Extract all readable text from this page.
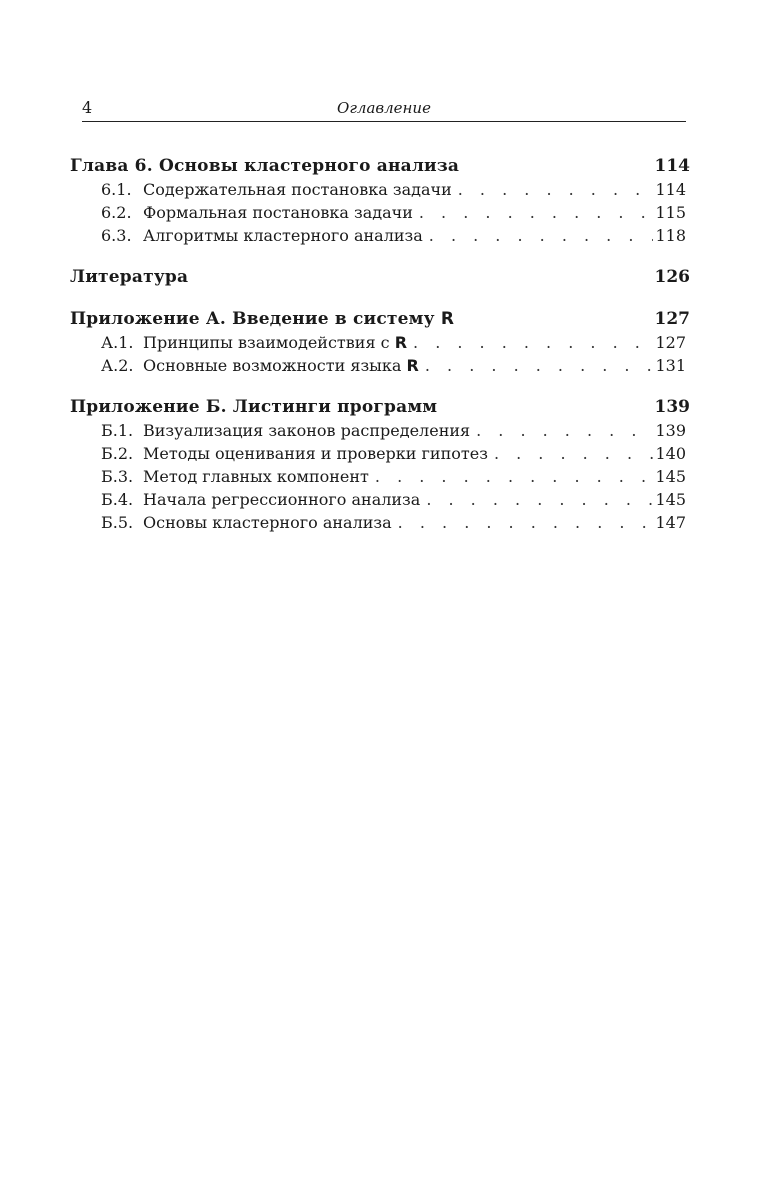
4	Оглавление
Глава 6. Основы кластерного анализа	114
6.1. Содержательная постановка задачи . . .	114
6.2. Формальная постановка задачи . . .	115
6.3. Алгоритмы кластерного анализа . . .	118
Литература	126
Приложение А. Введение в систему R	127
А.1. Принципы взаимодействия с R . . .	127
А.2. Основные возможности языка R . . .	131
Приложение Б. Листинги программ	139
Б.1. Визуализация законов распределения . . .	139
Б.2. Методы оценивания и проверки гипотез . . .	140
Б.3. Метод главных компонент . . .	145
Б.4. Начала регрессионного анализа . . .	145
Б.5. Основы кластерного анализа . . .	147
